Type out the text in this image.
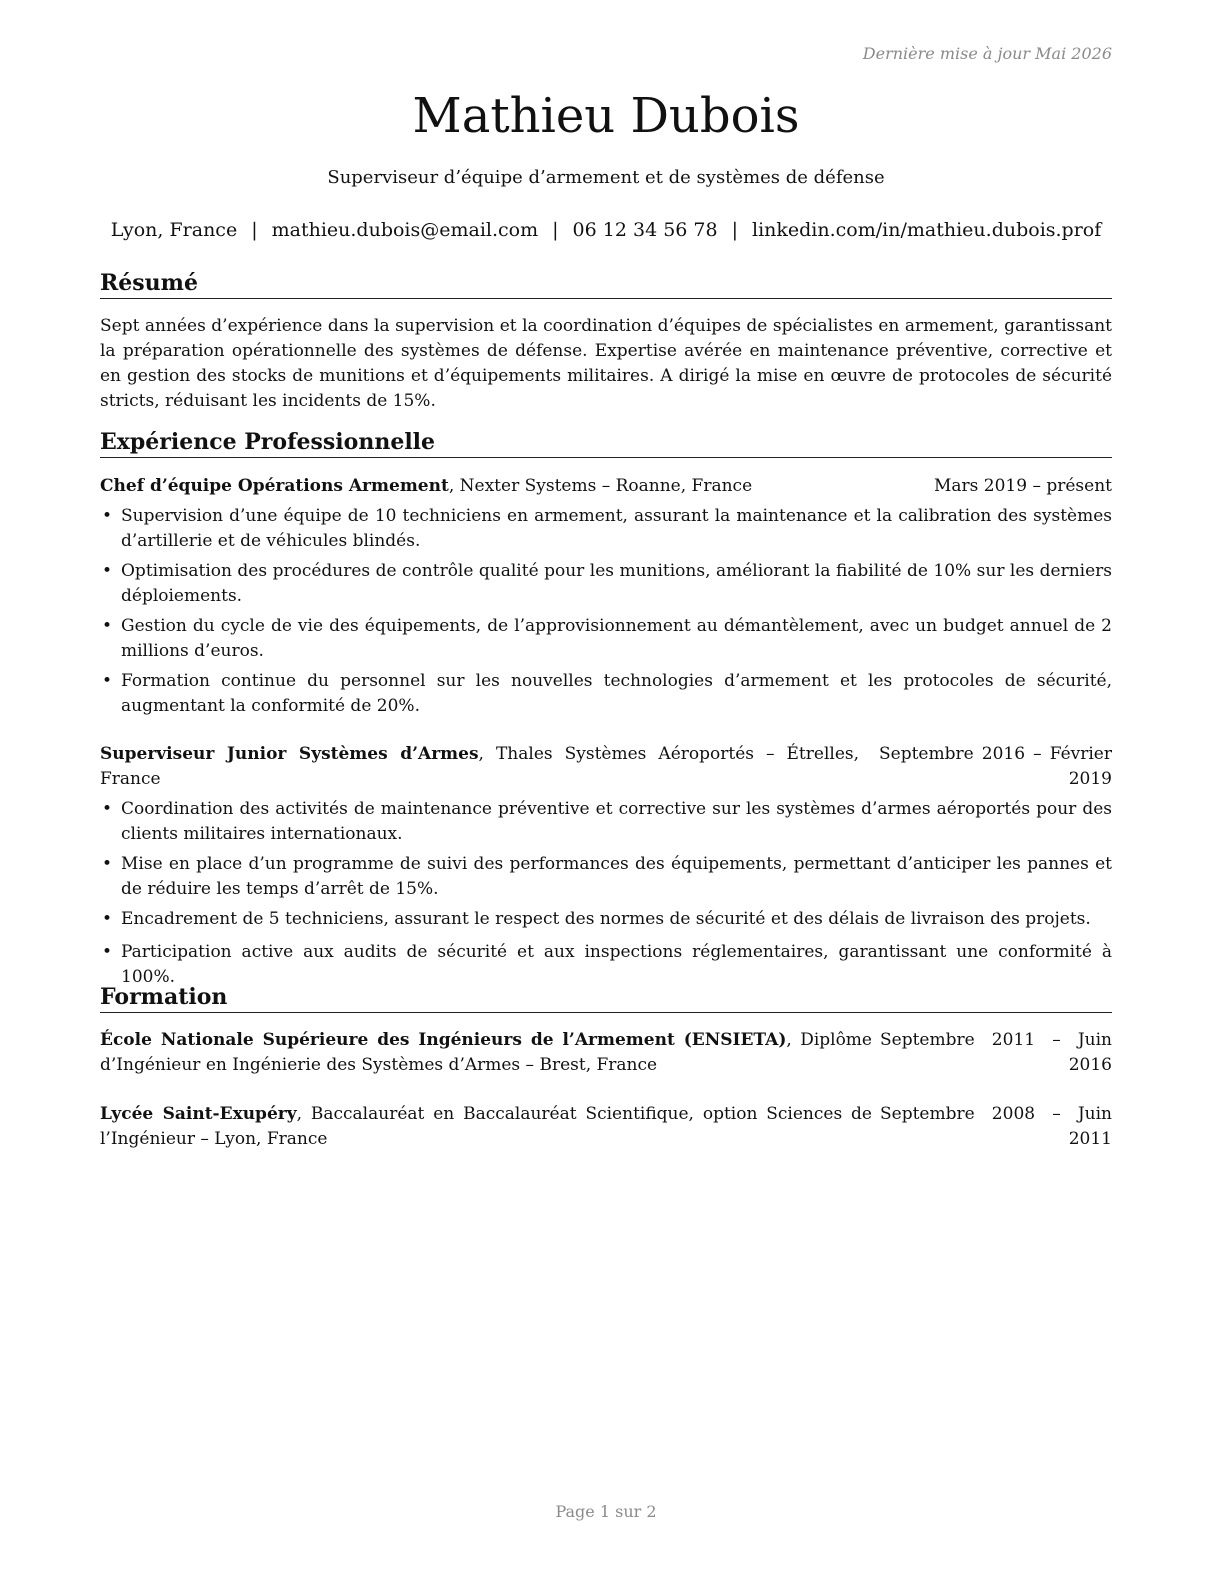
Dernière mise à jour Mai 2026
Mathieu Dubois
Superviseur d’équipe d’armement et de systèmes de défense
Lyon, France | mathieu.dubois@email.com | 06 12 34 56 78 | linkedin.com/in/mathieu.dubois.prof
Résumé

Sept années d’expérience dans la supervision et la coordination d’équipes de spécialistes en armement, garantissant la préparation opérationnelle des systèmes de défense. Expertise avérée en maintenance préventive, corrective et en gestion des stocks de munitions et d’équipements militaires. A dirigé la mise en œuvre de protocoles de sécurité stricts, réduisant les incidents de 15%.

Expérience Professionnelle
Chef d’équipe Opérations Armement, Nexter Systems – Roanne, France	Mars 2019 – présent
• Supervision d’une équipe de 10 techniciens en armement, assurant la maintenance et la calibration des systèmes d’artillerie et de véhicules blindés.
• Optimisation des procédures de contrôle qualité pour les munitions, améliorant la fiabilité de 10% sur les derniers déploiements.
• Gestion du cycle de vie des équipements, de l’approvisionnement au démantèlement, avec un budget annuel de 2 millions d’euros.
• Formation continue du personnel sur les nouvelles technologies d’armement et les protocoles de sécurité, augmentant la conformité de 20%.
Superviseur Junior Systèmes d’Armes, Thales Systèmes Aéroportés – Étrelles, France
Septembre 2016 – Février 2019
• Coordination des activités de maintenance préventive et corrective sur les systèmes d’armes aéroportés pour des clients militaires internationaux.
• Mise en place d’un programme de suivi des performances des équipements, permettant d’anticiper les pannes et de réduire les temps d’arrêt de 15%.
• Encadrement de 5 techniciens, assurant le respect des normes de sécurité et des délais de livraison des projets.
• Participation active aux audits de sécurité et aux inspections réglementaires, garantissant une conformité à 100%.
Formation
École Nationale Supérieure des Ingénieurs de l’Armement (ENSIETA), Diplôme d’Ingénieur en Ingénierie des Systèmes d’Armes – Brest, France
Septembre 2011 – Juin 2016
Lycée Saint-Exupéry, Baccalauréat en Baccalauréat Scientifique, option Sciences de l’Ingénieur – Lyon, France
Septembre 2008 – Juin 2011
Page 1 sur 2
